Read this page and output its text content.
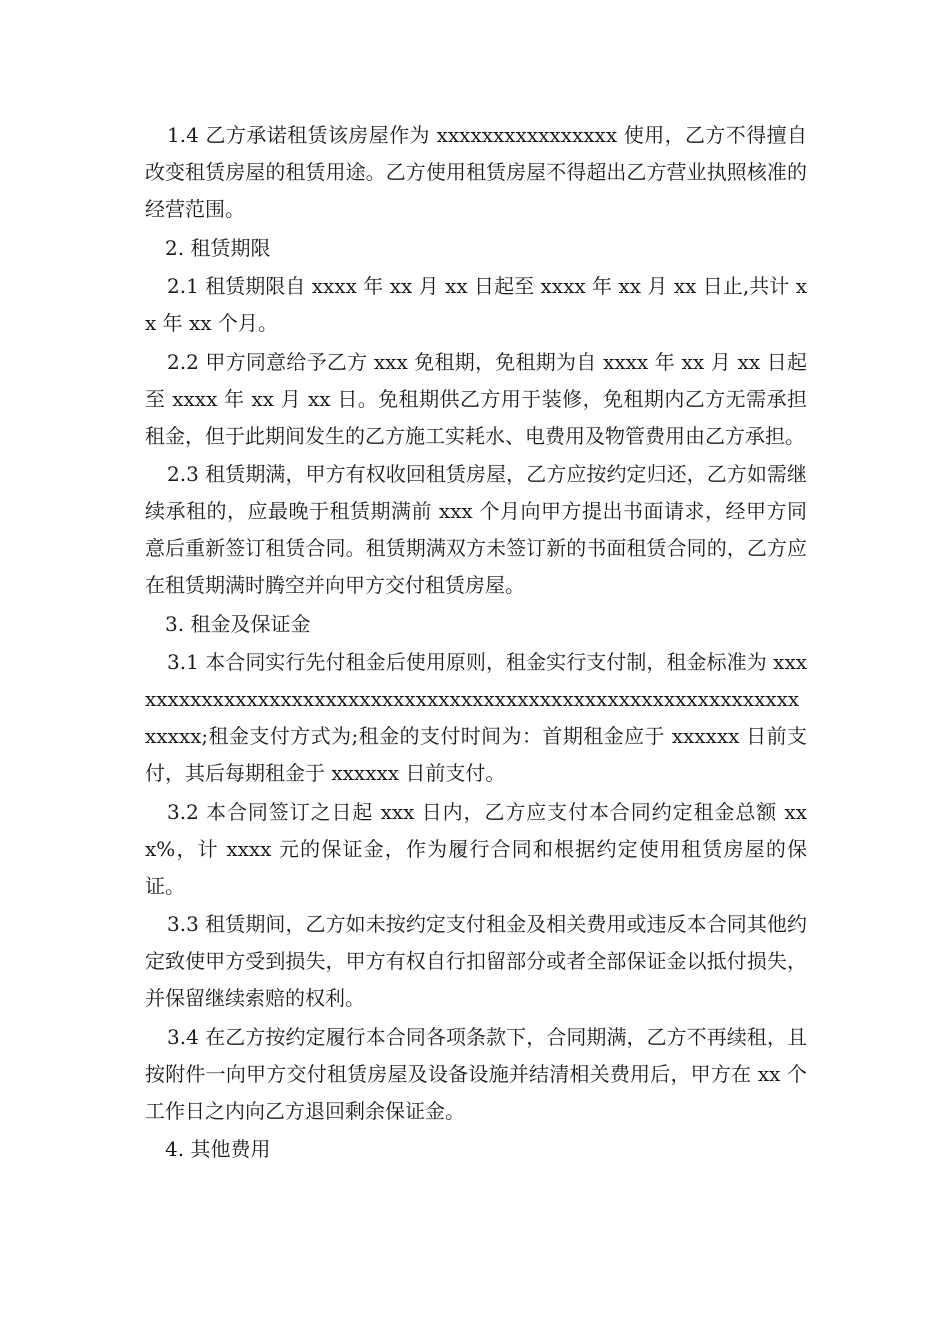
1.4 乙方承诺租赁该房屋作为 xxxxxxxxxxxxxxxx 使用，乙方不得擅自改变租赁房屋的租赁用途。乙方使用租赁房屋不得超出乙方营业执照核准的经营范围。

2. 租赁期限

2.1 租赁期限自 xxxx 年 xx 月 xx 日起至 xxxx 年 xx 月 xx 日止,共计 xx 年 xx 个月。

2.2 甲方同意给予乙方 xxx 免租期，免租期为自 xxxx 年 xx 月 xx 日起至 xxxx 年 xx 月 xx 日。免租期供乙方用于装修，免租期内乙方无需承担租金，但于此期间发生的乙方施工实耗水、电费用及物管费用由乙方承担。

2.3 租赁期满，甲方有权收回租赁房屋，乙方应按约定归还，乙方如需继续承租的，应最晚于租赁期满前 xxx 个月向甲方提出书面请求，经甲方同意后重新签订租赁合同。租赁期满双方未签订新的书面租赁合同的，乙方应在租赁期满时腾空并向甲方交付租赁房屋。

3. 租金及保证金

3.1 本合同实行先付租金后使用原则，租金实行支付制，租金标准为 xxxxxxxxxxxxxxxxxxxxxxxxxxxxxxxxxxxxxxxxxxxxxxxxxxxxxxxxxxxxxxxxxx;租金支付方式为;租金的支付时间为：首期租金应于 xxxxxx 日前支付，其后每期租金于 xxxxxx 日前支付。

3.2 本合同签订之日起 xxx 日内，乙方应支付本合同约定租金总额 xxx%，计 xxxx 元的保证金，作为履行合同和根据约定使用租赁房屋的保证。

3.3 租赁期间，乙方如未按约定支付租金及相关费用或违反本合同其他约定致使甲方受到损失，甲方有权自行扣留部分或者全部保证金以抵付损失，并保留继续索赔的权利。

3.4 在乙方按约定履行本合同各项条款下，合同期满，乙方不再续租，且按附件一向甲方交付租赁房屋及设备设施并结清相关费用后，甲方在 xx 个工作日之内向乙方退回剩余保证金。

4. 其他费用
